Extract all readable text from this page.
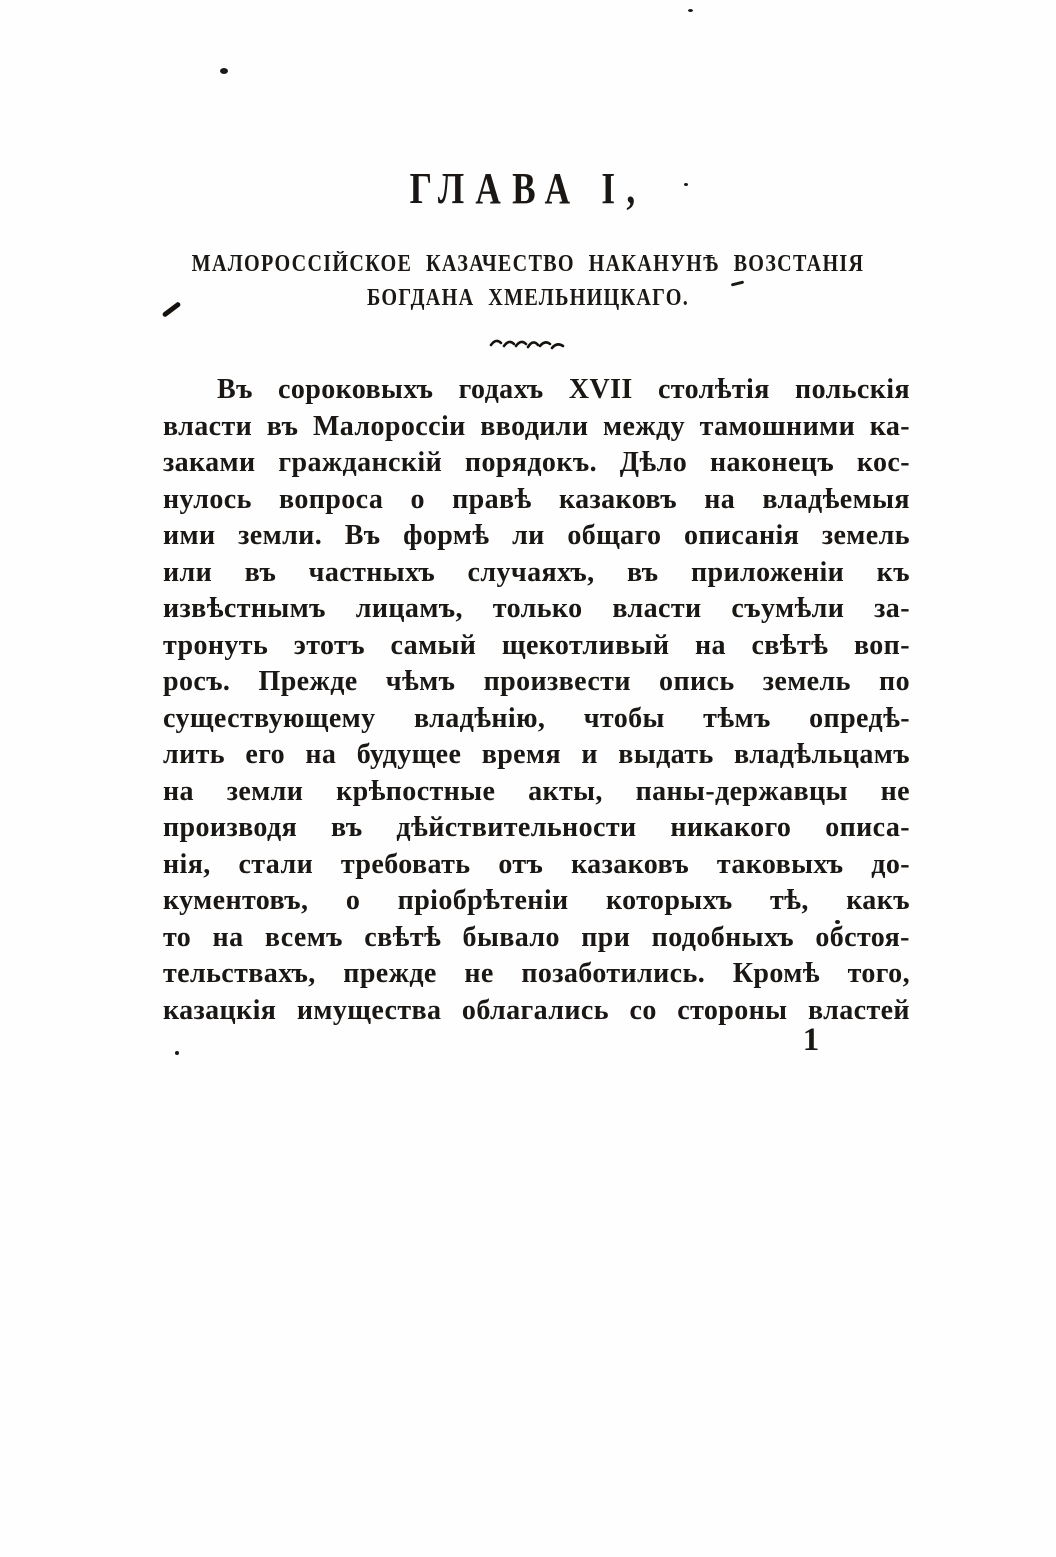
ГЛАВА I,
МАЛОРОССІЙСКОЕ КАЗАЧЕСТВО НАКАНУНѢ ВОЗСТАНІЯ
БОГДАНА ХМЕЛЬНИЦКАГО.
Въ сороковыхъ годахъ XVII столѣтія польскія
власти въ Малороссіи вводили между тамошними ка-
заками гражданскій порядокъ. Дѣло наконецъ кос-
нулось вопроса о правѣ казаковъ на владѣемыя
ими земли. Въ формѣ ли общаго описанія земель
или въ частныхъ случаяхъ, въ приложеніи къ
извѣстнымъ лицамъ, только власти съумѣли за-
тронуть этотъ самый щекотливый на свѣтѣ воп-
росъ. Прежде чѣмъ произвести опись земель по
существующему владѣнію, чтобы тѣмъ опредѣ-
лить его на будущее время и выдать владѣльцамъ
на земли крѣпостные акты, паны-державцы не
производя въ дѣйствительности никакого описа-
нія, стали требовать отъ казаковъ таковыхъ до-
кументовъ, о пріобрѣтеніи которыхъ тѣ, какъ
то на всемъ свѣтѣ бывало при подобныхъ обстоя-
тельствахъ, прежде не позаботились. Кромѣ того,
казацкія имущества облагались со стороны властей
1
